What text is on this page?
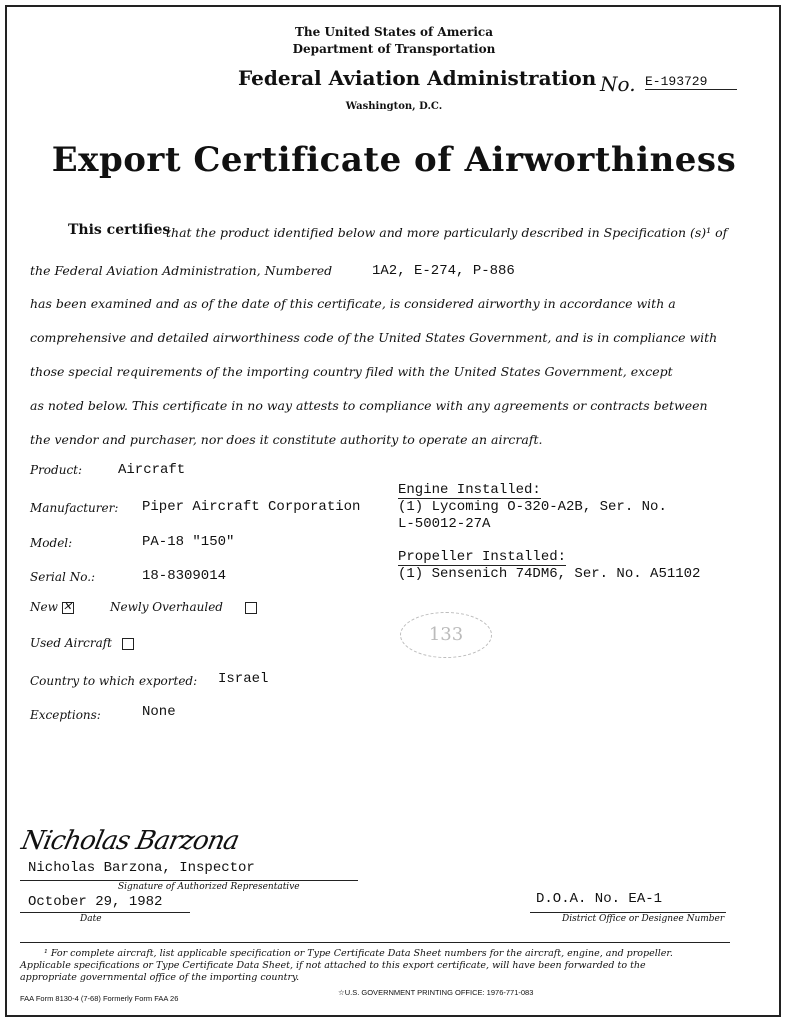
The United States of America
Department of Transportation
Federal Aviation Administration
Washington, D.C.
No. E-193729
Export Certificate of Airworthiness
This certifies
that the product identified below and more particularly described in Specification (s)¹ of
the Federal Aviation Administration, Numbered	1A2, E-274, P-886
has been examined and as of the date of this certificate, is considered airworthy in accordance with a
comprehensive and detailed airworthiness code of the United States Government, and is in compliance with
those special requirements of the importing country filed with the United States Government, except
as noted below. This certificate in no way attests to compliance with any agreements or contracts between
the vendor and purchaser, nor does it constitute authority to operate an aircraft.
Product:	Aircraft
Manufacturer: Piper Aircraft Corporation
Model:	PA-18 "150"
Serial No.:	18-8309014
New ✕	Newly Overhauled
Used Aircraft
Country to which exported: Israel
Exceptions:	None
Engine Installed:
(1) Lycoming O-320-A2B, Ser. No.
L-50012-27A
Propeller Installed:
(1) Sensenich 74DM6, Ser. No. A51102
133
Nicholas Barzona
Nicholas Barzona, Inspector
Signature of Authorized Representative
October 29, 1982
Date
D.O.A. No. EA-1
District Office or Designee Number
¹ For complete aircraft, list applicable specification or Type Certificate Data Sheet numbers for the aircraft, engine, and propeller.
Applicable specifications or Type Certificate Data Sheet, if not attached to this export certificate, will have been forwarded to the
appropriate governmental office of the importing country.
FAA Form 8130-4 (7-68) Formerly Form FAA 26
☆U.S. GOVERNMENT PRINTING OFFICE: 1976-771-083
